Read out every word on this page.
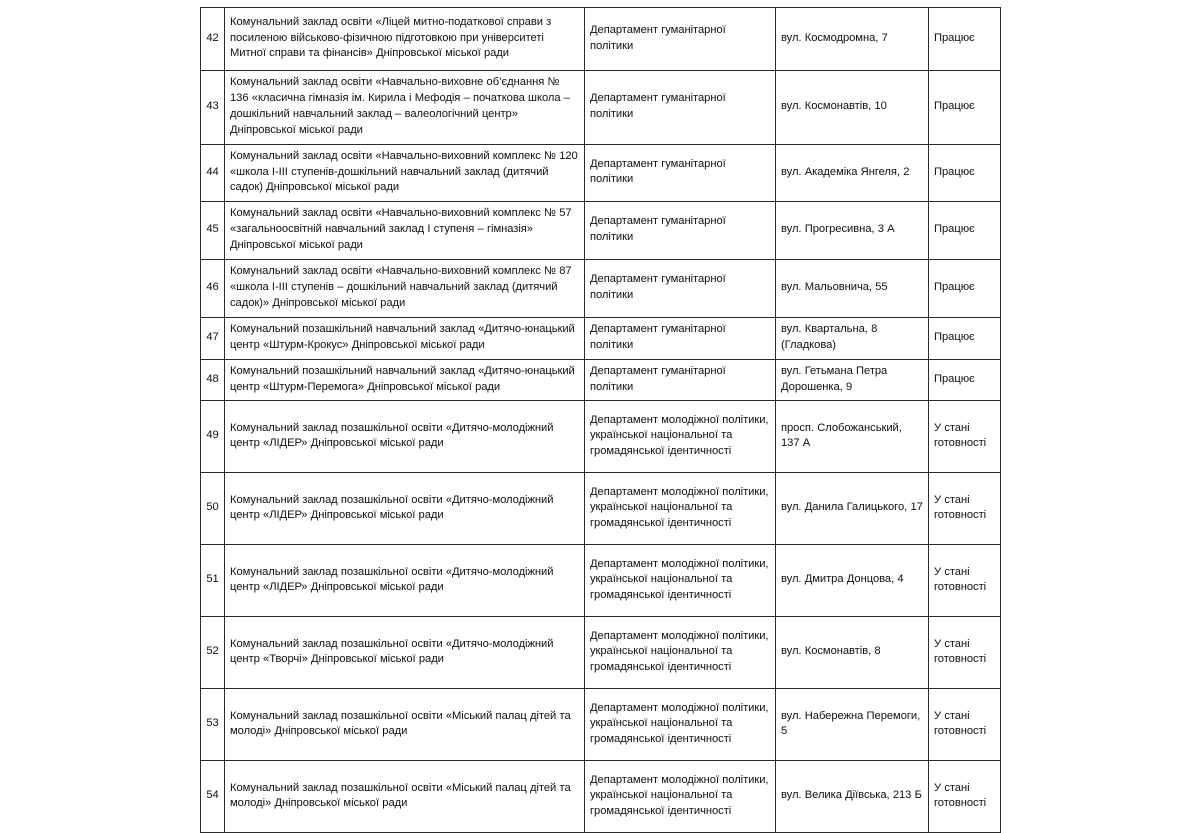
42	Комунальний заклад освіти «Ліцей митно-податкової справи з посиленою військово-фізичною підготовкою при університеті Митної справи та фінансів» Дніпровської міської ради	Департамент гуманітарної політики	вул. Космодромна, 7	Працює

43	Комунальний заклад освіти «Навчально-виховне об’єднання № 136 «класична гімназія ім. Кирила і Мефодія – початкова школа – дошкільний навчальний заклад – валеологічний центр» Дніпровської міської ради	Департамент гуманітарної політики	вул. Космонавтів, 10	Працює

44	Комунальний заклад освіти «Навчально-виховний комплекс № 120 «школа I-III ступенів-дошкільний навчальний заклад (дитячий садок) Дніпровської міської ради	Департамент гуманітарної політики	вул. Академіка Янгеля, 2	Працює

45	Комунальний заклад освіти «Навчально-виховний комплекс № 57 «загальноосвітній навчальний заклад I ступеня – гімназія» Дніпровської міської ради	Департамент гуманітарної політики	вул. Прогресивна, 3 А	Працює

46	Комунальний заклад освіти «Навчально-виховний комплекс № 87 «школа I-III ступенів – дошкільний навчальний заклад (дитячий садок)» Дніпровської міської ради	Департамент гуманітарної політики	вул. Мальовнича, 55	Працює

47	Комунальний позашкільний навчальний заклад «Дитячо-юнацький центр «Штурм-Крокус» Дніпровської міської ради	Департамент гуманітарної політики	вул. Квартальна, 8 (Гладкова)	Працює

48	Комунальний позашкільний навчальний заклад «Дитячо-юнацький центр «Штурм-Перемога» Дніпровської міської ради	Департамент гуманітарної політики	вул. Гетьмана Петра Дорошенка, 9	Працює

49	Комунальний заклад позашкільної освіти «Дитячо-молодіжний центр «ЛІДЕР» Дніпровської міської ради	Департамент молодіжної політики, української національної та громадянської ідентичності	просп. Слобожанський, 137 А	У стані готовності

50	Комунальний заклад позашкільної освіти «Дитячо-молодіжний центр «ЛІДЕР» Дніпровської міської ради	Департамент молодіжної політики, української національної та громадянської ідентичності	вул. Данила Галицького, 17	У стані готовності

51	Комунальний заклад позашкільної освіти «Дитячо-молодіжний центр «ЛІДЕР» Дніпровської міської ради	Департамент молодіжної політики, української національної та громадянської ідентичності	вул. Дмитра Донцова, 4	У стані готовності

52	Комунальний заклад позашкільної освіти «Дитячо-молодіжний центр «Творчі» Дніпровської міської ради	Департамент молодіжної політики, української національної та громадянської ідентичності	вул. Космонавтів, 8	У стані готовності

53	Комунальний заклад позашкільної освіти «Міський палац дітей та молоді» Дніпровської міської ради	Департамент молодіжної політики, української національної та громадянської ідентичності	вул. Набережна Перемоги, 5	У стані готовності

54	Комунальний заклад позашкільної освіти «Міський палац дітей та молоді» Дніпровської міської ради	Департамент молодіжної політики, української національної та громадянської ідентичності	вул. Велика Діївська, 213 Б	У стані готовності
